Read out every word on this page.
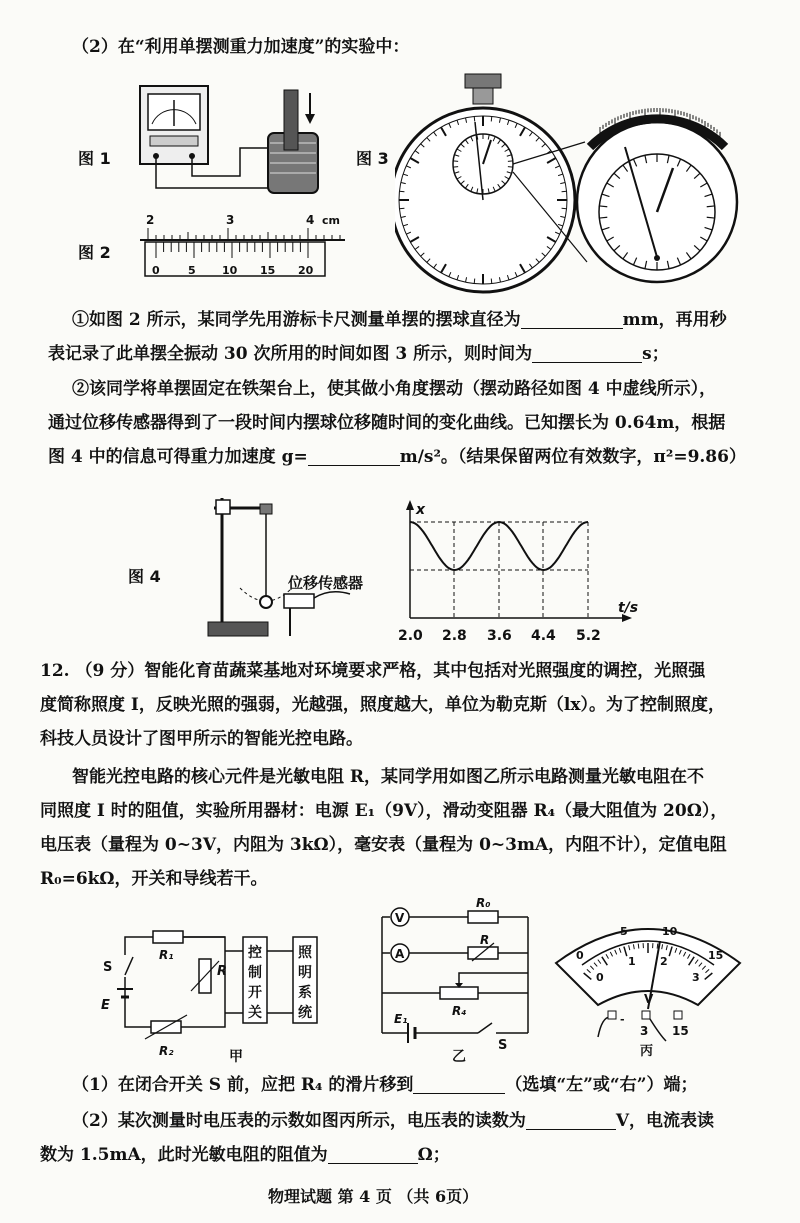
（2）在“利用单摆测重力加速度”的实验中：
图 1
图 2
图 3
2	3	4 cm
0	5 10 15 20
①如图 2 所示，某同学先用游标卡尺测量单摆的摆球直径为	mm，再用秒
表记录了此单摆全振动 30 次所用的时间如图 3 所示，则时间为	s；
②该同学将单摆固定在铁架台上，使其做小角度摆动（摆动路径如图 4 中虚线所示），
通过位移传感器得到了一段时间内摆球位移随时间的变化曲线。已知摆长为 0.64m，根据
图 4 中的信息可得重力加速度 g=	m/s²。（结果保留两位有效数字，π²=9.86）
图 4	位移传感器
x
t/s
2.0 2.8 3.6 4.4 5.2
12. （9 分）智能化育苗蔬菜基地对环境要求严格，其中包括对光照强度的调控，光照强
度简称照度 I，反映光照的强弱，光越强，照度越大，单位为勒克斯（lx）。为了控制照度，
科技人员设计了图甲所示的智能光控电路。
智能光控电路的核心元件是光敏电阻 R，某同学用如图乙所示电路测量光敏电阻在不
同照度 I 时的阻值，实验所用器材：电源 E₁（9V），滑动变阻器 R₄（最大阻值为 20Ω），
电压表（量程为 0~3V，内阻为 3kΩ），毫安表（量程为 0~3mA，内阻不计），定值电阻
R₀=6kΩ，开关和导线若干。
S
E
R₁
R
R₂
控
制
开
关
照
明
系
统
甲
V
A
R₀
R
R₄
E₁
S
乙
0
5	10
15
0
1 2
3
V
-
3 15
丙
（1）在闭合开关 S 前，应把 R₄ 的滑片移到	（选填“左”或“右”）端；
（2）某次测量时电压表的示数如图丙所示，电压表的读数为	V，电流表读
数为 1.5mA，此时光敏电阻的阻值为	Ω；
物理试题 第 4 页 （共 6页）
